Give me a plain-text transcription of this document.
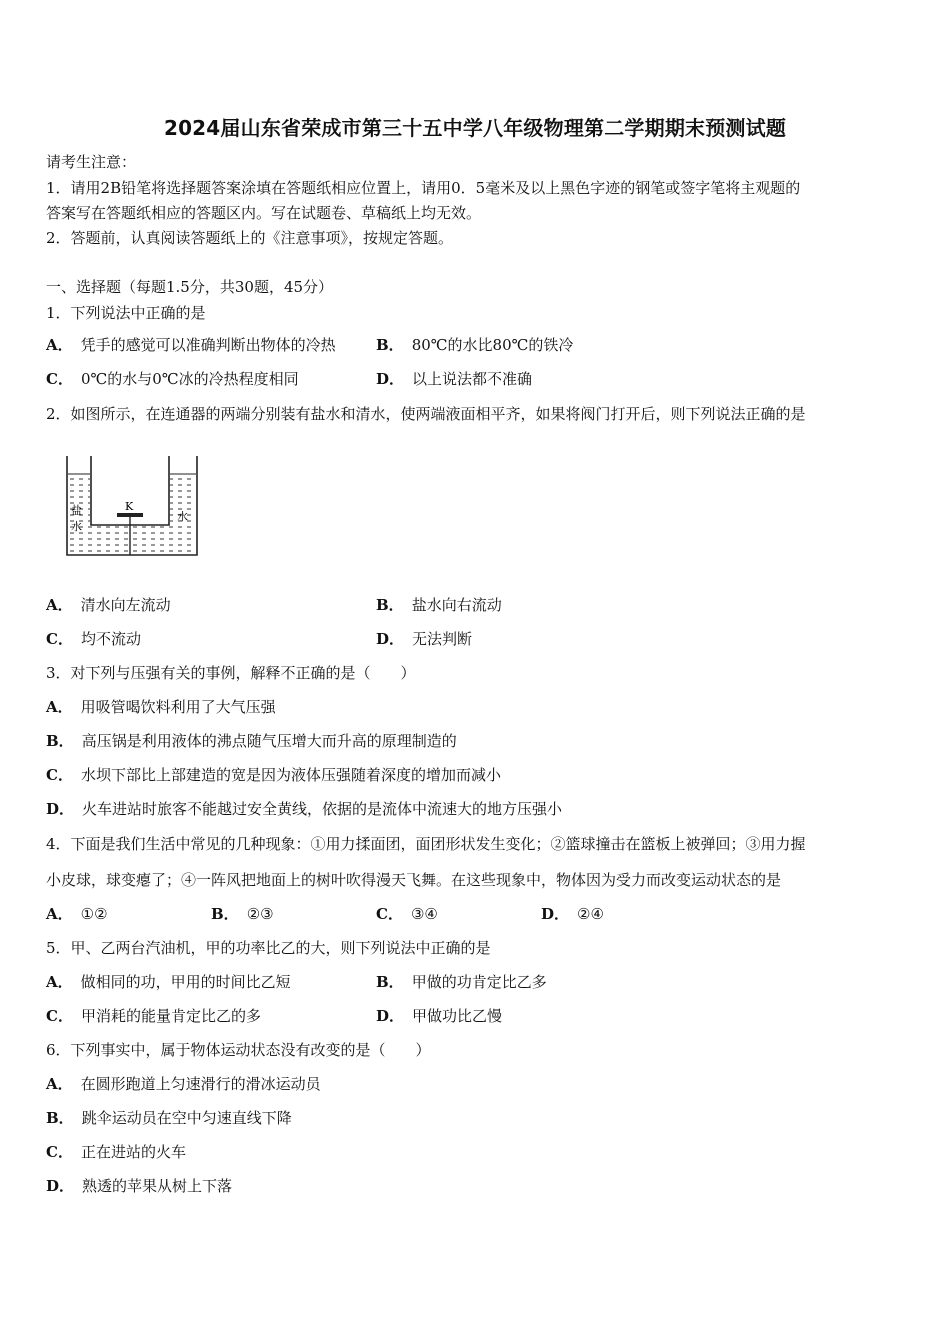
2024届山东省荣成市第三十五中学八年级物理第二学期期末预测试题
请考生注意：
1．请用2B铅笔将选择题答案涂填在答题纸相应位置上，请用0．5毫米及以上黑色字迹的钢笔或签字笔将主观题的
答案写在答题纸相应的答题区内。写在试题卷、草稿纸上均无效。
2．答题前，认真阅读答题纸上的《注意事项》，按规定答题。
一、选择题（每题1.5分，共30题，45分）
1．下列说法中正确的是
A． 凭手的感觉可以准确判断出物体的冷热	B． 80℃的水比80℃的铁冷
C． 0℃的水与0℃冰的冷热程度相同	D． 以上说法都不准确
2．如图所示，在连通器的两端分别装有盐水和清水，使两端液面相平齐，如果将阀门打开后，则下列说法正确的是
K
盐
水
水
A． 清水向左流动	B． 盐水向右流动
C． 均不流动	D． 无法判断
3．对下列与压强有关的事例，解释不正确的是（　　）
A． 用吸管喝饮料利用了大气压强
B． 高压锅是利用液体的沸点随气压增大而升高的原理制造的
C． 水坝下部比上部建造的宽是因为液体压强随着深度的增加而减小
D． 火车进站时旅客不能越过安全黄线，依据的是流体中流速大的地方压强小
4．下面是我们生活中常见的几种现象：①用力揉面团，面团形状发生变化；②篮球撞击在篮板上被弹回；③用力握
小皮球，球变瘪了；④一阵风把地面上的树叶吹得漫天飞舞。在这些现象中，物体因为受力而改变运动状态的是
A． ①②	B． ②③	C． ③④	D． ②④
5．甲、乙两台汽油机，甲的功率比乙的大，则下列说法中正确的是
A． 做相同的功，甲用的时间比乙短	B． 甲做的功肯定比乙多
C． 甲消耗的能量肯定比乙的多	D． 甲做功比乙慢
6．下列事实中，属于物体运动状态没有改变的是（　　）
A． 在圆形跑道上匀速滑行的滑冰运动员
B． 跳伞运动员在空中匀速直线下降
C． 正在进站的火车
D． 熟透的苹果从树上下落
